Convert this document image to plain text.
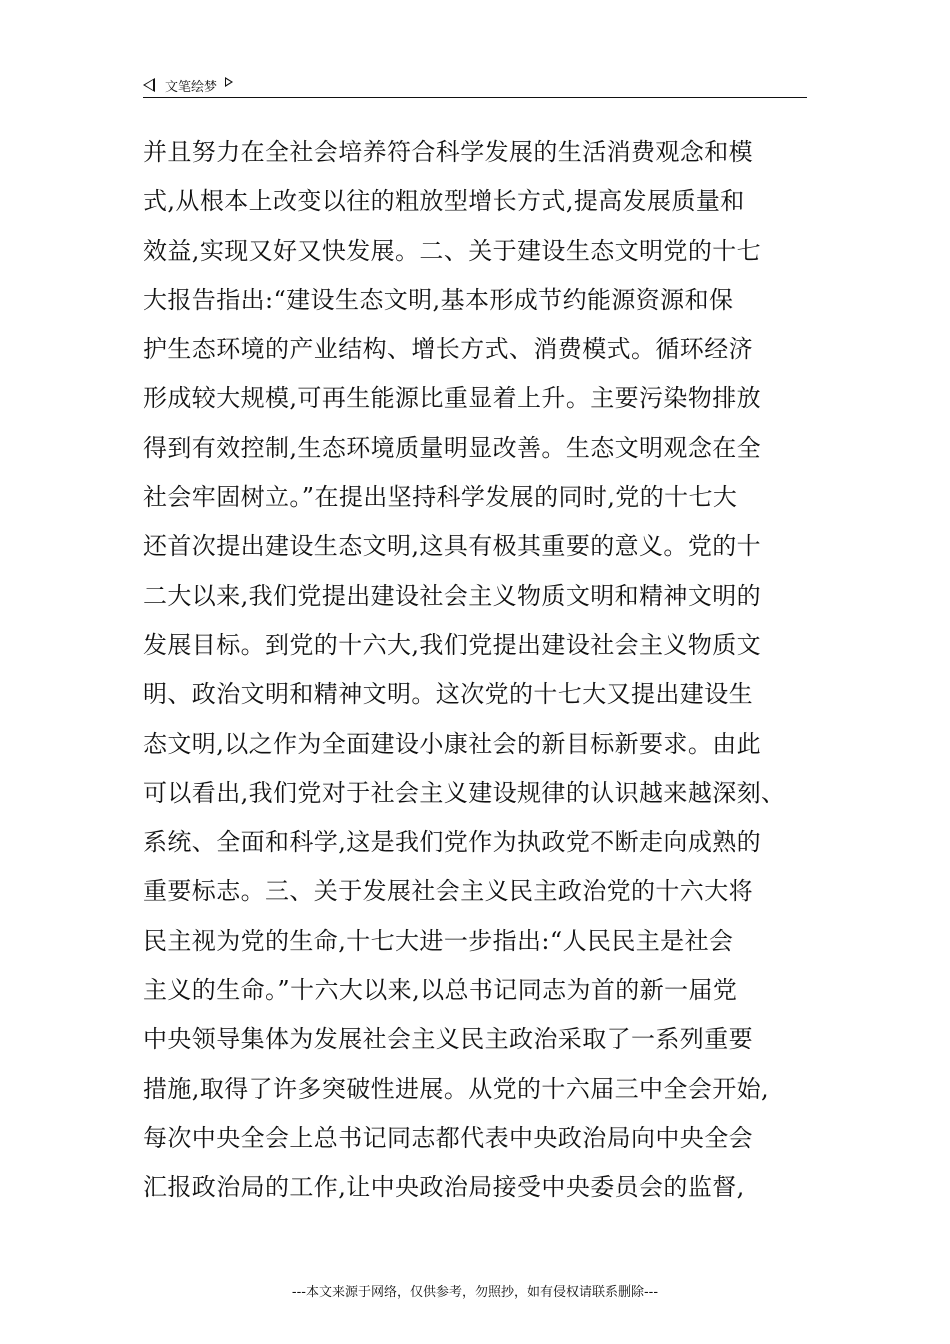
文笔绘梦
并且努力在全社会培养符合科学发展的生活消费观念和模
式,从根本上改变以往的粗放型增长方式,提高发展质量和
效益,实现又好又快发展。二、关于建设生态文明党的十七
大报告指出:“建设生态文明,基本形成节约能源资源和保
护生态环境的产业结构、增长方式、消费模式。循环经济
形成较大规模,可再生能源比重显着上升。主要污染物排放
得到有效控制,生态环境质量明显改善。生态文明观念在全
社会牢固树立。”在提出坚持科学发展的同时,党的十七大
还首次提出建设生态文明,这具有极其重要的意义。党的十
二大以来,我们党提出建设社会主义物质文明和精神文明的
发展目标。到党的十六大,我们党提出建设社会主义物质文
明、政治文明和精神文明。这次党的十七大又提出建设生
态文明,以之作为全面建设小康社会的新目标新要求。由此
可以看出,我们党对于社会主义建设规律的认识越来越深刻、
系统、全面和科学,这是我们党作为执政党不断走向成熟的
重要标志。三、关于发展社会主义民主政治党的十六大将
民主视为党的生命,十七大进一步指出:“人民民主是社会
主义的生命。”十六大以来,以总书记同志为首的新一届党
中央领导集体为发展社会主义民主政治采取了一系列重要
措施,取得了许多突破性进展。从党的十六届三中全会开始,
每次中央全会上总书记同志都代表中央政治局向中央全会
汇报政治局的工作,让中央政治局接受中央委员会的监督,
---本文来源于网络，仅供参考，勿照抄，如有侵权请联系删除---
